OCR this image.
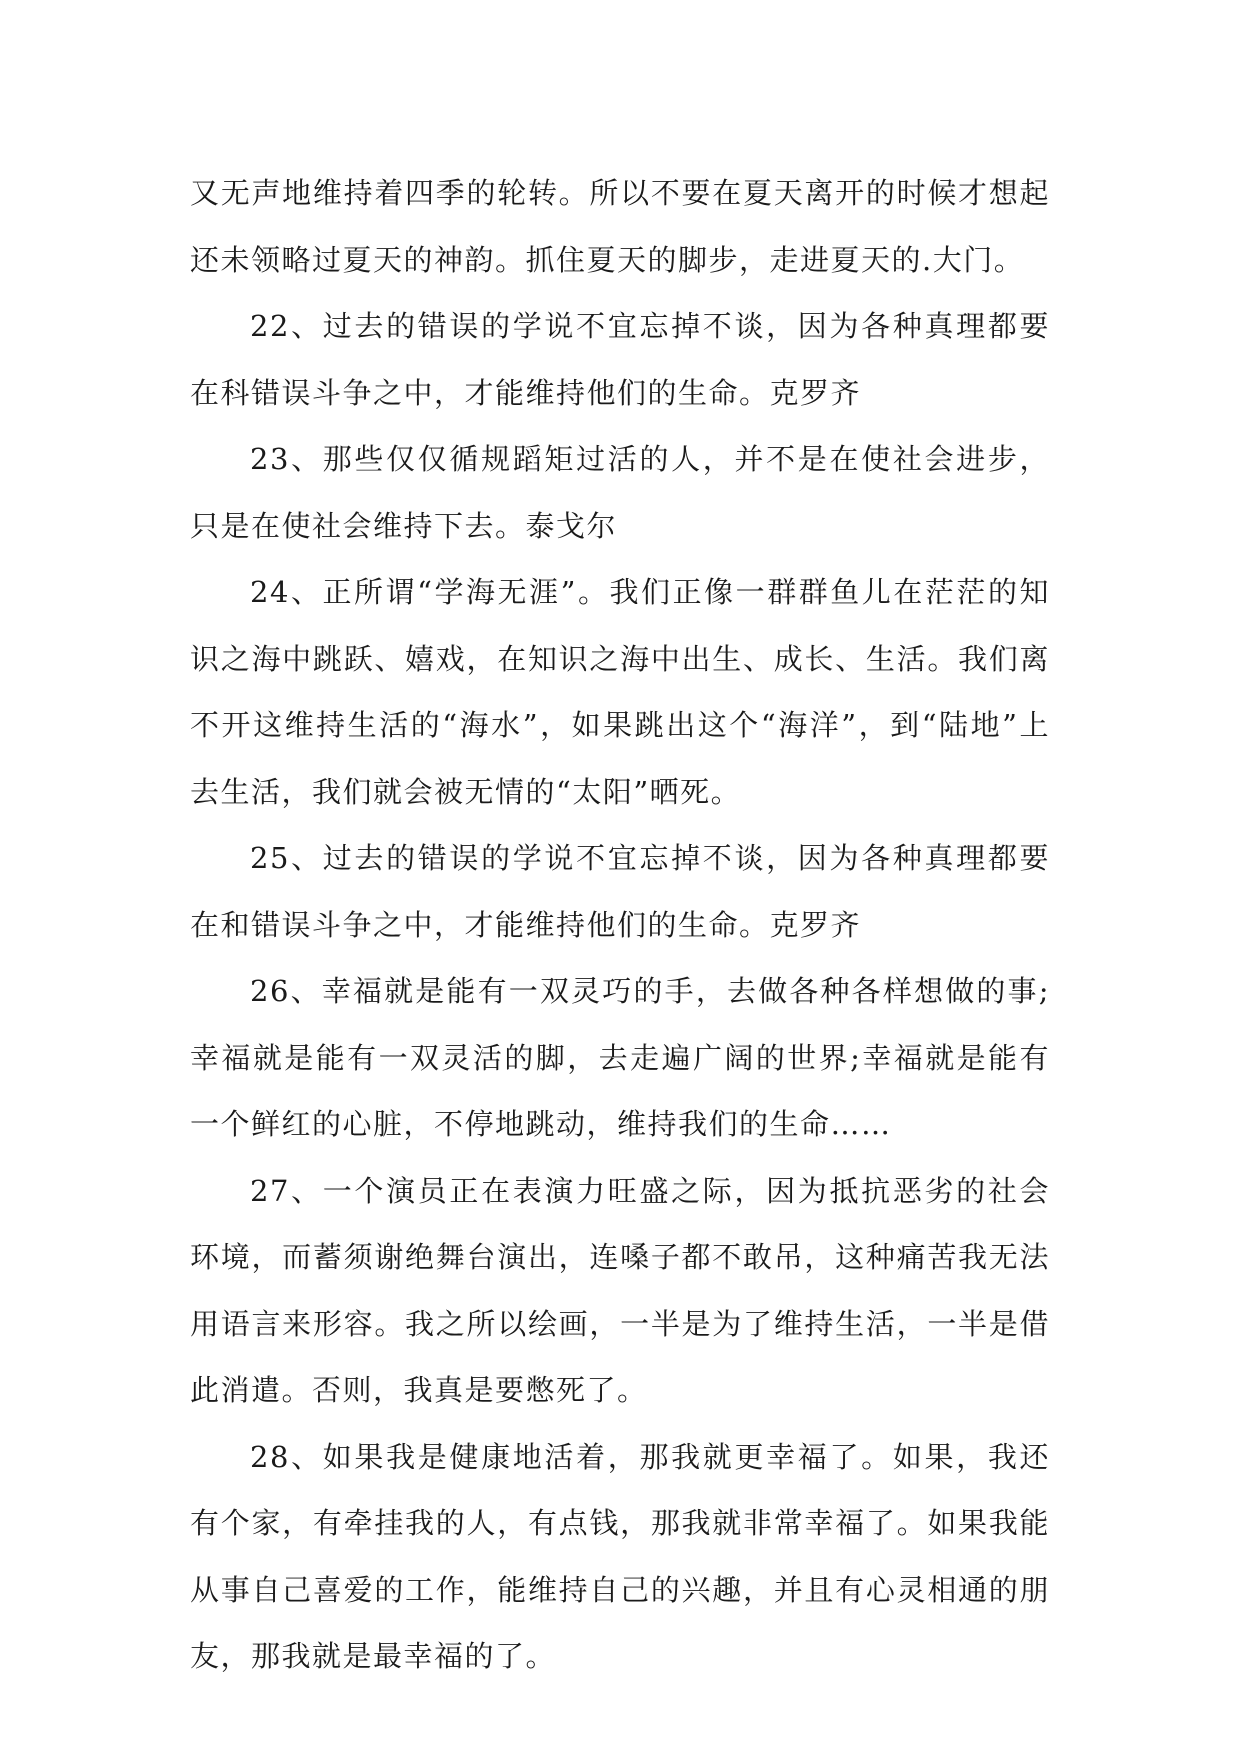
又无声地维持着四季的轮转。所以不要在夏天离开的时候才想起还未领略过夏天的神韵。抓住夏天的脚步，走进夏天的.大门。

22、过去的错误的学说不宜忘掉不谈，因为各种真理都要在科错误斗争之中，才能维持他们的生命。克罗齐

23、那些仅仅循规蹈矩过活的人，并不是在使社会进步，只是在使社会维持下去。泰戈尔

24、正所谓“学海无涯”。我们正像一群群鱼儿在茫茫的知识之海中跳跃、嬉戏，在知识之海中出生、成长、生活。我们离不开这维持生活的“海水”，如果跳出这个“海洋”，到“陆地”上去生活，我们就会被无情的“太阳”晒死。

25、过去的错误的学说不宜忘掉不谈，因为各种真理都要在和错误斗争之中，才能维持他们的生命。克罗齐

26、幸福就是能有一双灵巧的手，去做各种各样想做的事;幸福就是能有一双灵活的脚，去走遍广阔的世界;幸福就是能有一个鲜红的心脏，不停地跳动，维持我们的生命……

27、一个演员正在表演力旺盛之际，因为抵抗恶劣的社会环境，而蓄须谢绝舞台演出，连嗓子都不敢吊，这种痛苦我无法用语言来形容。我之所以绘画，一半是为了维持生活，一半是借此消遣。否则，我真是要憋死了。

28、如果我是健康地活着，那我就更幸福了。如果，我还有个家，有牵挂我的人，有点钱，那我就非常幸福了。如果我能从事自己喜爱的工作，能维持自己的兴趣，并且有心灵相通的朋友，那我就是最幸福的了。
